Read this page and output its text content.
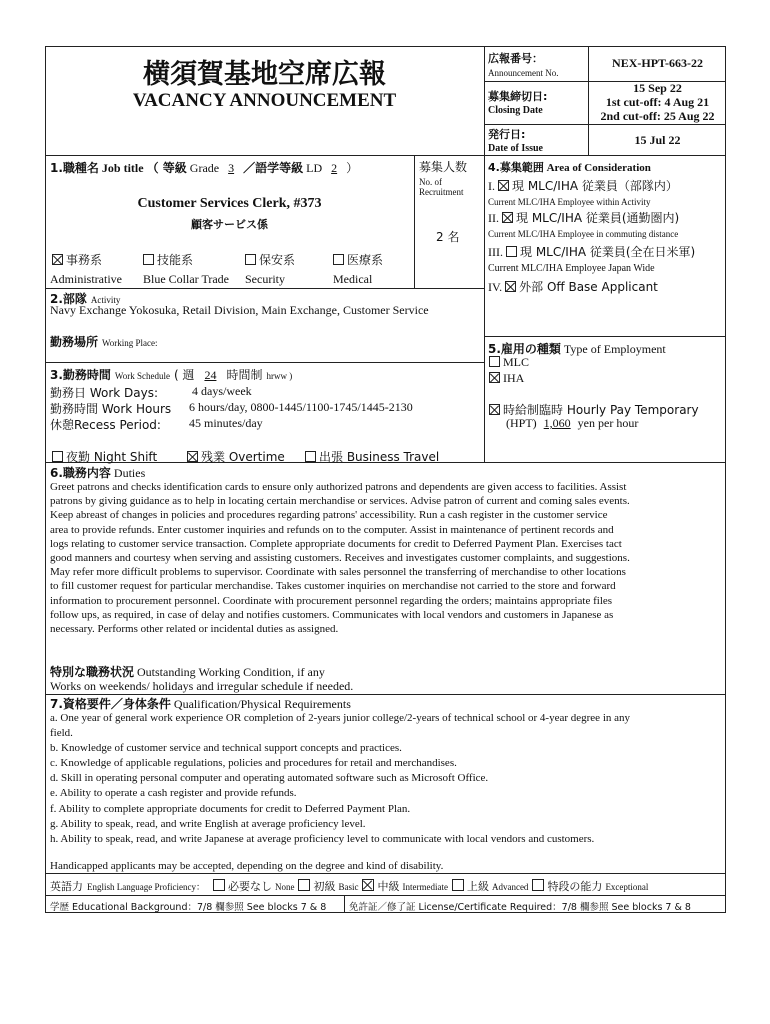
横須賀基地空席広報
VACANCY ANNOUNCEMENT
広報番号：
Announcement No.
NEX-HPT-663-22
募集締切日:
Closing Date
15 Sep 22
1st cut-off: 4 Aug 21
2nd cut-off: 25 Aug 22
発行日:
Date of Issue
15 Jul 22
1.職種名 Job title （ 等級 Grade 3 ／語学等級 LD 2 ）
Customer Services Clerk, #373
顧客サービス係
募集人数
No. of
Recruitment
2 名
事務系
Administrative
技能系
Blue Collar Trade
保安系
Security
医療系
Medical
4.募集範囲 Area of Consideration
I. 現 MLC/IHA 従業員（部隊内）
Current MLC/IHA Employee within Activity
II. 現 MLC/IHA 従業員(通勤圏内)
Current MLC/IHA Employee in commuting distance
III. 現 MLC/IHA 従業員(全在日米軍)
Current MLC/IHA Employee Japan Wide
IV. 外部 Off Base Applicant
2.部隊 Activity
Navy Exchange Yokosuka, Retail Division, Main Exchange, Customer Service
勤務場所 Working Place:	5.雇用の種類 Type of Employment
MLC
IHA
時給制臨時 Hourly Pay Temporary
(HPT) 1,060 yen per hour
3.勤務時間 Work Schedule ( 週 24 時間制 hrww )
勤務日 Work Days:	4 days/week
勤務時間 Work Hours 6 hours/day, 0800-1445/1100-1745/1445-2130
休憩Recess Period: 45 minutes/day
夜勤 Night Shift	残業 Overtime	出張 Business Travel
6.職務内容 Duties
Greet patrons and checks identification cards to ensure only authorized patrons and dependents are given access to facilities. Assist
patrons by giving guidance as to help in locating certain merchandise or services. Advise patron of current and coming sales events.
Keep abreast of changes in policies and procedures regarding patrons' accessibility. Run a cash register in the customer service
area to provide refunds. Enter customer inquiries and refunds on to the computer. Assist in maintenance of pertinent records and
logs relating to customer service transaction. Complete appropriate documents for credit to Deferred Payment Plan. Exercises tact
good manners and courtesy when serving and assisting customers. Receives and investigates customer complaints, and suggestions.
May refer more difficult problems to supervisor. Coordinate with sales personnel the transferring of merchandise to other locations
to fill customer request for particular merchandise. Takes customer inquiries on merchandise not carried to the store and forward
information to procurement personnel. Coordinate with procurement personnel regarding the orders; maintains appropriate files
follow ups, as required, in case of delay and notifies customers. Communicates with local vendors and customers in Japanese as
necessary. Performs other related or incidental duties as assigned.
特別な職務状況 Outstanding Working Condition, if any
Works on weekends/ holidays and irregular schedule if needed.
7.資格要件／身体条件 Qualification/Physical Requirements
a. One year of general work experience OR completion of 2-years junior college/2-years of technical school or 4-year degree in any
field.
b. Knowledge of customer service and technical support concepts and practices.
c. Knowledge of applicable regulations, policies and procedures for retail and merchandises.
d. Skill in operating personal computer and operating automated software such as Microsoft Office.
e. Ability to operate a cash register and provide refunds.
f. Ability to complete appropriate documents for credit to Deferred Payment Plan.
g. Ability to speak, read, and write English at average proficiency level.
h. Ability to speak, read, and write Japanese at average proficiency level to communicate with local vendors and customers.
Handicapped applicants may be accepted, depending on the degree and kind of disability.
英語力 English Language Proficiency： 必要なし None 初級 Basic 中級 Intermediate 上級 Advanced 特段の能力 Exceptional
学歴 Educational Background：7/8 欄参照 See blocks 7 & 8 免許証／修了証 License/Certificate Required：7/8 欄参照 See blocks 7 & 8
